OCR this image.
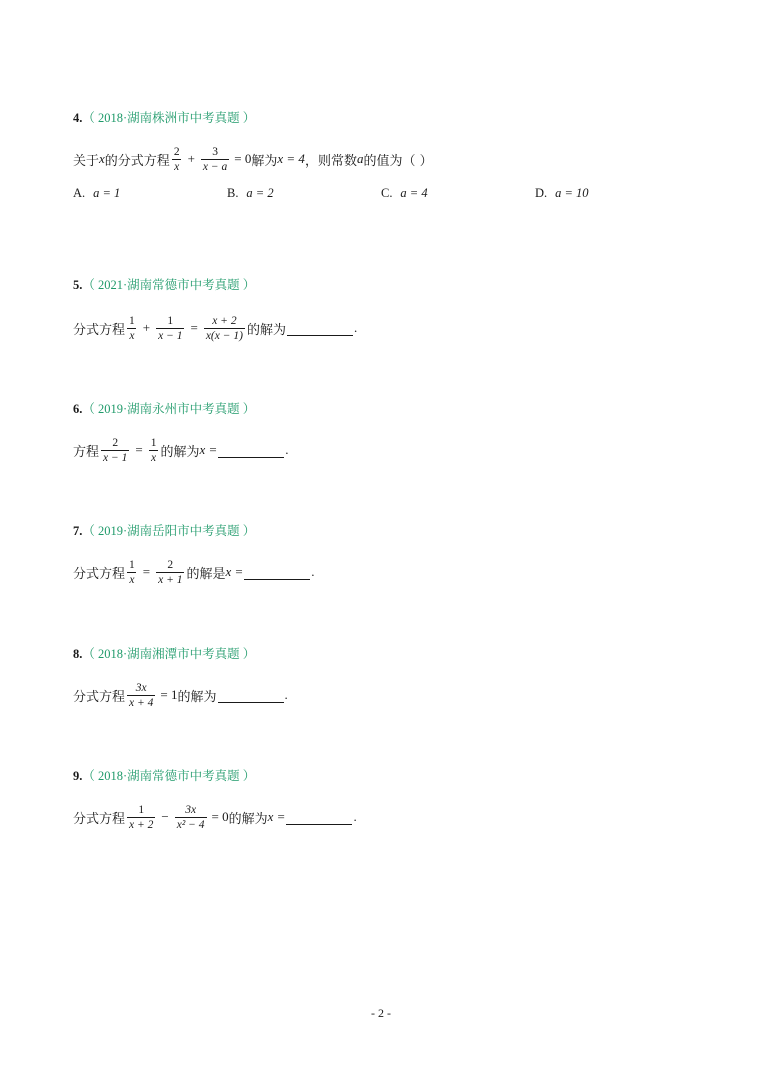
4.（ 2018·湖南株洲市中考真题 ）
关于 x 的分式方程 $\frac{2}{x} + \frac{3}{x - a} = 0$ 解为 x = 4 ，则常数 a 的值为（ ）
A. a = 1	B. a = 2	C. a = 4	D. a = 10
5.（ 2021·湖南常德市中考真题 ）
分式方程 $\frac{1}{x} + \frac{1}{x - 1} = \frac{x + 2}{x(x - 1)}$ 的解为	.
6.（ 2019·湖南永州市中考真题 ）
方程 $\frac{2}{x - 1} = \frac{1}{x}$ 的解为 x =	.
7.（ 2019·湖南岳阳市中考真题 ）
分式方程 $\frac{1}{x} = \frac{2}{x + 1}$ 的解是 x =	.
8.（ 2018·湖南湘潭市中考真题 ）
分式方程 $\frac{3x}{x + 4} = 1$ 的解为	.
9.（ 2018·湖南常德市中考真题 ）
分式方程 $\frac{1}{x + 2} - \frac{3x}{\text{x² − 4}} = 0$ 的解为 x =	.
- 2 -
